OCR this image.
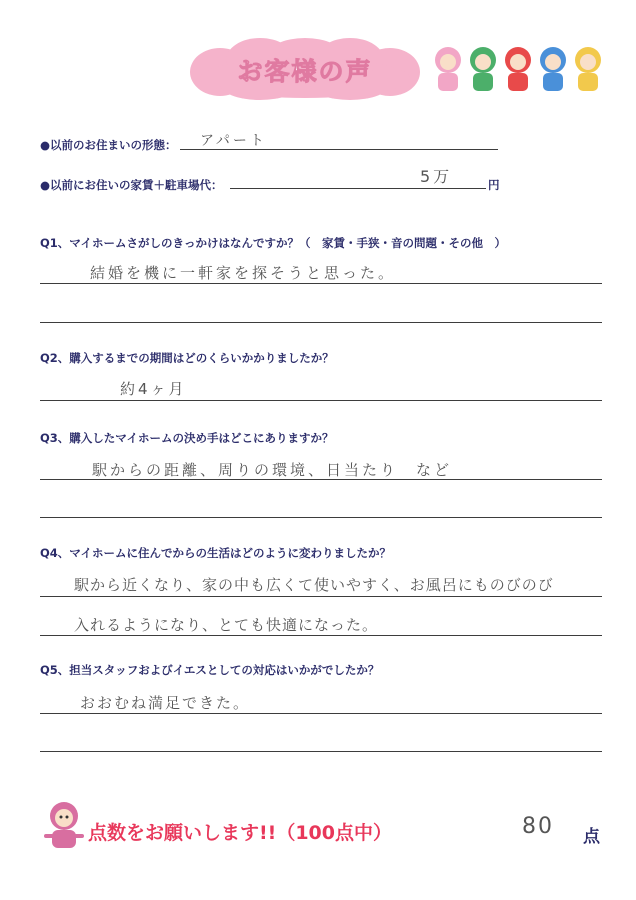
お客様の声
●以前のお住まいの形態： アパート
●以前にお住いの家賃＋駐車場代：	5万	円
Q1、マイホームさがしのきっかけはなんですか？（　家賃・手狭・音の問題・その他　）
結婚を機に一軒家を探そうと思った。
Q2、購入するまでの期間はどのくらいかかりましたか？
約4ヶ月
Q3、購入したマイホームの決め手はどこにありますか？
駅からの距離、周りの環境、日当たり　など
Q4、マイホームに住んでからの生活はどのように変わりましたか？
駅から近くなり、家の中も広くて使いやすく、お風呂にものびのび
入れるようになり、とても快適になった。
Q5、担当スタッフおよびイエスとしての対応はいかがでしたか？
おおむね満足できた。
点数をお願いします!!（100点中）	80 点
